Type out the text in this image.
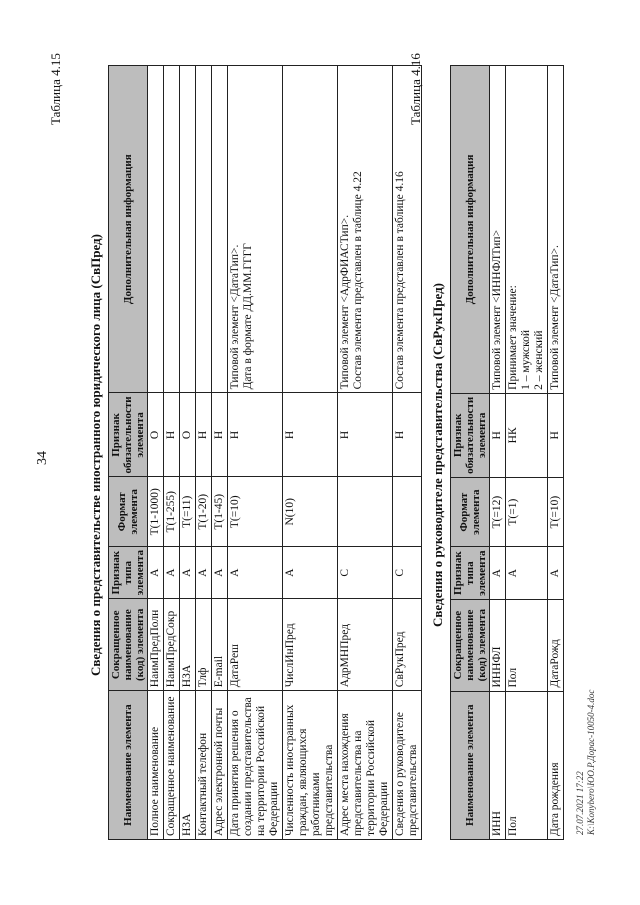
34
Таблица 4.15
Сведения о представительстве иностранного юридического лица (СвПред)
Наименование элемента	Сокращенное наименование (код) элемента	Признак типа элемента	Формат элемента	Признак обязательности элемента	Дополнительная информация
Полное наименование	НаимПредПолн	А	T(1-1000)	О	
Сокращенное наименование	НаимПредСокр	А	T(1-255)	Н	
НЗА	НЗА	А	T(=11)	О	
Контактный телефон	Тлф	А	T(1-20)	Н	
Адрес электронной почты	E-mail	А	T(1-45)	Н	
Дата принятия решения о создании представительства на территории Российской Федерации	ДатаРеш	А	T(=10)	Н	Типовой элемент <ДатаТип>.
Дата в формате ДД.ММ.ГГГГ
Численность иностранных граждан, являющихся работниками представительства	ЧислИнПред	А	N(10)	Н	
Адрес места нахождения представительства на территории Российской Федерации	АдрМНПред	С		Н	Типовой элемент <АдрФИАСТип>.
Состав элемента представлен в таблице 4.22
Сведения о руководителе представительства	СвРукПред	С		Н	Состав элемента представлен в таблице 4.16
Таблица 4.16
Сведения о руководителе представительства (СвРукПред)
Наименование элемента	Сокращенное наименование (код) элемента	Признак типа элемента	Формат элемента	Признак обязательности элемента	Дополнительная информация
ИНН	ИННФЛ	А	T(=12)	Н	Типовой элемент <ИННФЛТип>
Пол	Пол	А	T(=1)	НК	Принимает значение:
1 – мужской
2 – женский
Дата рождения	ДатаРожд	А	T(=10)	Н	Типовой элемент <ДатаТип>.
27.07.2021 17:22 K:\Konybero\ЮО.Р.Дорас-10050-4.doc
